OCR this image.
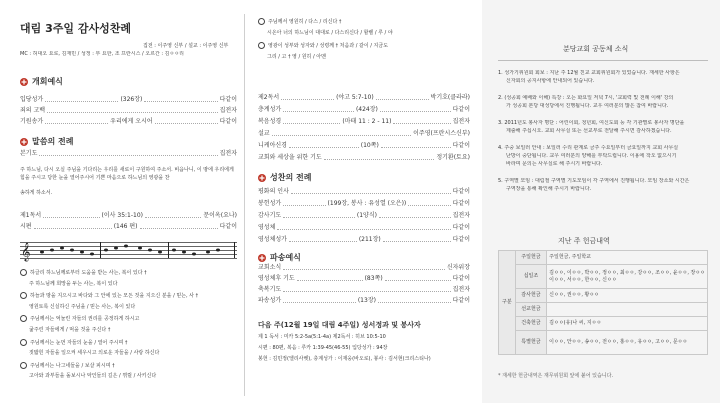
대림 3주일 감사성찬례
집전 : 이주영 신부 / 설교 : 이주영 신부
MC : 허대오 요로, 김재민 / 성정 : 부 요한, 조 프란시스 / 오르간 : 김ㅇㅇ리
개회예식
입당성가	(326장)	다같이
죄의 고백	집전자
기원송가	우리에게 오시어	다같이
말씀의 전례
본기도	집전자
주 하느님, 다시 오실 주님을 기다리는 우리를 새로이 구원하여 주소서. 비옵나니, 이 땅에 우리에게 힘을 주시고 당한 눈을 열어주시어 기쁜 마음으로 하느님의 영광을 찬
송하게 하소서.
제1독서	(이사 35:1-10)	문이옥(요나)
시편	(146 편)	다같이
𝄞
하글리 하느님께로부터 도움을 받는 사는, 복이 있다 †
주 하느님께 희망을 두는 사는, 복이 있다
하늘과 땅을 지으시고 바다와 그 안에 있는 모든 것을 지으신 분을 / 믿는, 사 †
영원토록 신실하신 주님을 / 믿는 사는, 복이 있다
주님께서는 억눌린 자들의 권리를 공정하게 하시고
굶주린 자들에게 / 먹을 것을 주신다 †
주님께서는 눈먼 자들의 눈을 / 열어 주시며 †
짓밟힌 자들을 일으켜 세우시고 의로운 자들을 / 사랑 하신다
주님께서는 나그네들을 / 보살 피시며 †
고아와 과부들을 돌보시나 악인들의 길은 / 꺾릴 / 사키신다
주님께서 영원히 / 다스 / 리신다 †
시온아 너의 하느님이 대대로 / 다스리신다 / 할렐 / 루 / 야
영광이 성부와 성자와 / 성령께 † 처음과 / 같이 / 지금도
그리 / 고 † 영 / 원히 / 아멘
제2독서	(야고 5:7-10)	박기호(클라라)
층계성가	(424장)	다같이
복음성경	(마태 11 : 2 - 11)	집전자
설교	이주영(프란시스신부)
니케아신경	(10쪽)	다같이
교회와 세상을 위한 기도	정기환(토요)
성찬의 전례
평화의 인사	다같이
봉헌성가	(199장, 봉사 : 유성열 (오은))	다같이
감사기도	(1양식)	집전자
영성체	다같이
영성체성가	(211장)	다같이
파송예식
교회소식	신자위장
영성체후 기도	(83쪽)	다같이
축복기도	집전자
파송성가	(13장)	다같이
다음 주(12월 19일 대림 4주일) 성서정과 및 봉사자
제 1 독서 : 미카 5:2-5a(5:1-4a) 제2독서 : 히브 10:5-10
시편 : 80편, 복음 : 루카 1:39-45(46-55) 입당성가 : 94장
봉헌 : 김민정(엘리사벳), 층계성가 : 이재웅(바오로), 봉사 : 김서현(크리스티나)
분당교회 공동체 소식
1. 성가기위원회 회보 : 지난 주 12월 친교 교회위원회가 있었습니다. 재세한 사항은
신자회의 공지사항에 안내되어 있습니다.
2. (성공회 예배와 이해) 특강 : 오는 화요일 저녁 7시, '교회력 및 전례 이해' 강의
가 성공회 본당 대성당에서 진행됩니다. 교우 여러분의 많은 참여 바랍니다.
3. 2011년도 봉사자 명단 : 어린이회, 청년회, 여신도회 등 각 기관별로 봉사자 명단을
제출해 주십시오. 교회 사무실 또는 선교부로 전달해 주시면 감사하겠습니다.
4. 주중 보일러 안내 : 보일러 수리 관계로 금주 수요일부터 금요일까지 교회 사무실
난방이 중단됩니다. 교우 여러분의 양해를 부탁드립니다. 이용에 착오 없으시기
바라며 문의는 사무실로 해 주시기 바랍니다.
5. 구역별 모임 : 대림절 구역별 기도모임이 각 구역에서 진행됩니다. 모임 장소와 시간은
구역장을 통해 확인해 주시기 바랍니다.
지난 주 헌금내역
구분	주일헌금	주일헌금, 주일학교
	십일조	김ㅇㅇ, 이ㅇㅇ, 박ㅇㅇ, 정ㅇㅇ, 최ㅇㅇ, 강ㅇㅇ, 조ㅇㅇ, 윤ㅇㅇ, 장ㅇㅇ
이ㅇㅇ, 서ㅇㅇ, 한ㅇㅇ, 신ㅇㅇ
	감사헌금	신ㅇㅇ, 권ㅇㅇ, 황ㅇㅇ
	선교헌금	
	건축헌금	김ㅇㅇ(유)나 씨, 지ㅇㅇ
	특별헌금	이ㅇㅇ, 안ㅇㅇ, 송ㅇㅇ, 전ㅇㅇ, 홍ㅇㅇ, 유ㅇㅇ, 고ㅇㅇ, 문ㅇㅇ
* 재세한 헌금내역은 재무위원회 앞에 붙어 있습니다.
